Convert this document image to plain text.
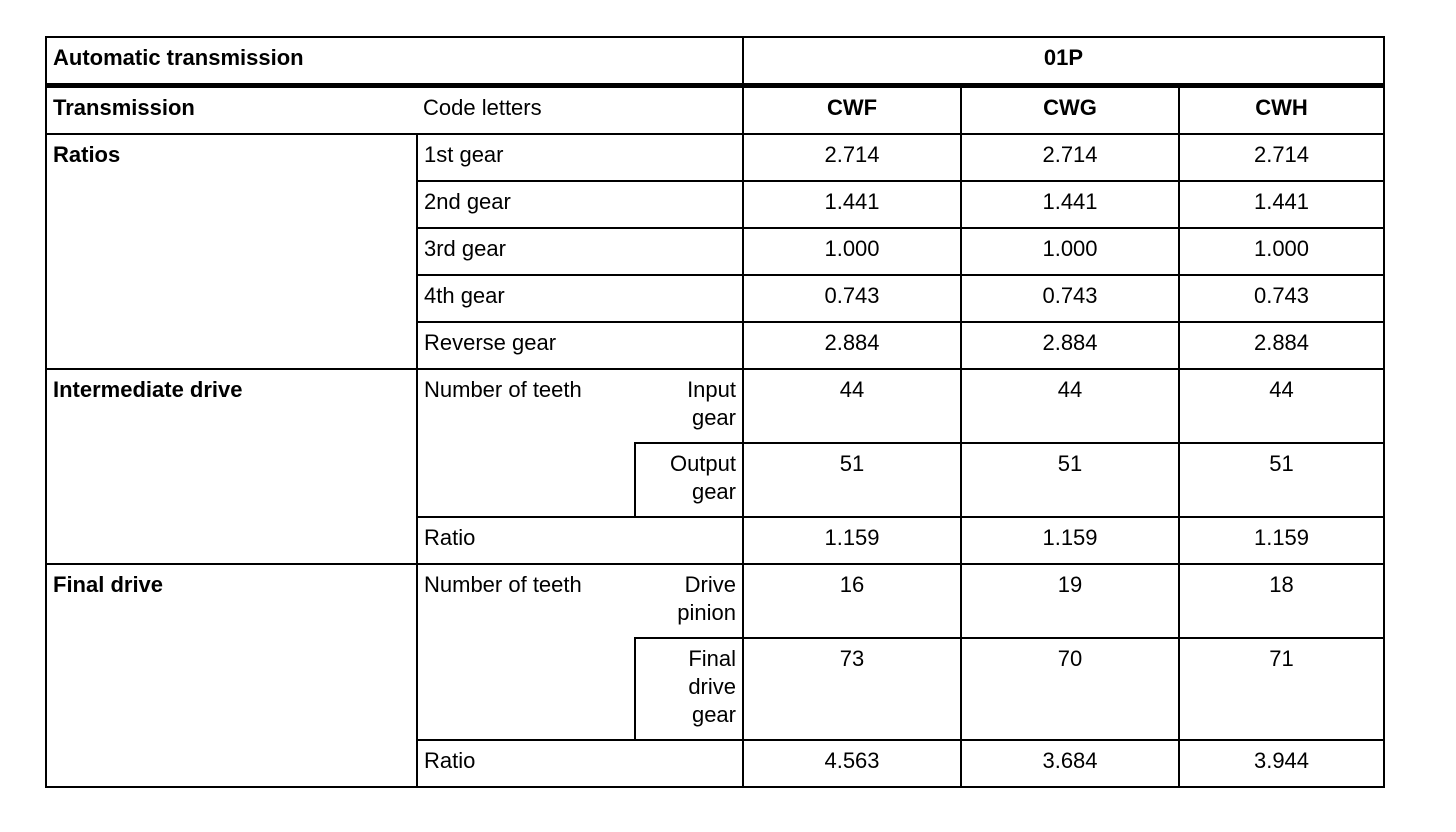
Automatic transmission			01P		
Transmission	Code letters		CWF	CWG	CWH
Ratios	1st gear		2.714	2.714	2.714
	2nd gear		1.441	1.441	1.441
	3rd gear		1.000	1.000	1.000
	4th gear		0.743	0.743	0.743
	Reverse gear		2.884	2.884	2.884
Intermediate drive	Number of teeth	Input gear	44	44	44
		Output gear	51	51	51
	Ratio		1.159	1.159	1.159
Final drive	Number of teeth	Drive pinion	16	19	18
		Final drive gear	73	70	71
	Ratio		4.563	3.684	3.944
